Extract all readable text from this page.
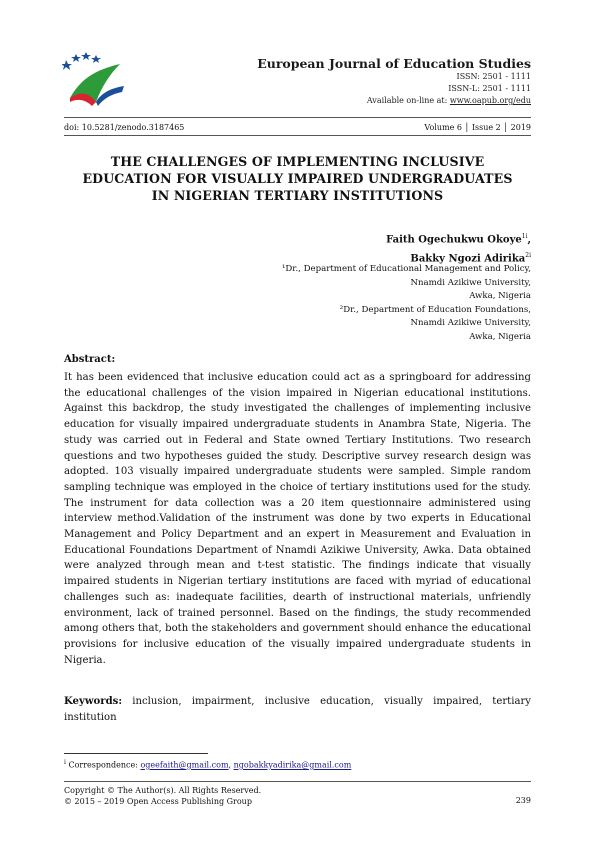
European Journal of Education Studies
ISSN: 2501 - 1111
ISSN-L: 2501 - 1111
Available on-line at: www.oapub.org/edu
doi: 10.5281/zenodo.3187465	Volume 6 │ Issue 2 │ 2019
THE CHALLENGES OF IMPLEMENTING INCLUSIVE
EDUCATION FOR VISUALLY IMPAIRED UNDERGRADUATES
IN NIGERIAN TERTIARY INSTITUTIONS
Faith Ogechukwu Okoye$^{1i}$,
Bakky Ngozi Adirika$^{2i}$
¹Dr., Department of Educational Management and Policy,
Nnamdi Azikiwe University,
Awka, Nigeria
²Dr., Department of Education Foundations,
Nnamdi Azikiwe University,
Awka, Nigeria
Abstract:
It has been evidenced that inclusive education could act as a springboard for addressing the educational challenges of the vision impaired in Nigerian educational institutions. Against this backdrop, the study investigated the challenges of implementing inclusive education for visually impaired undergraduate students in Anambra State, Nigeria. The study was carried out in Federal and State owned Tertiary Institutions. Two research questions and two hypotheses guided the study. Descriptive survey research design was adopted. 103 visually impaired undergraduate students were sampled. Simple random sampling technique was employed in the choice of tertiary institutions used for the study. The instrument for data collection was a 20 item questionnaire administered using interview method.Validation of the instrument was done by two experts in Educational Management and Policy Department and an expert in Measurement and Evaluation in Educational Foundations Department of Nnamdi Azikiwe University, Awka. Data obtained were analyzed through mean and t-test statistic. The findings indicate that visually impaired students in Nigerian tertiary institutions are faced with myriad of educational challenges such as: inadequate facilities, dearth of instructional materials, unfriendly environment, lack of trained personnel. Based on the findings, the study recommended among others that, both the stakeholders and government should enhance the educational provisions for inclusive education of the visually impaired undergraduate students in Nigeria.
Keywords: inclusion, impairment, inclusive education, visually impaired, tertiary institution
$^i$ Correspondence: ogeefaith@gmail.com, ngobakkyadirika@gmail.com
Copyright © The Author(s). All Rights Reserved.
© 2015 – 2019 Open Access Publishing Group	239
